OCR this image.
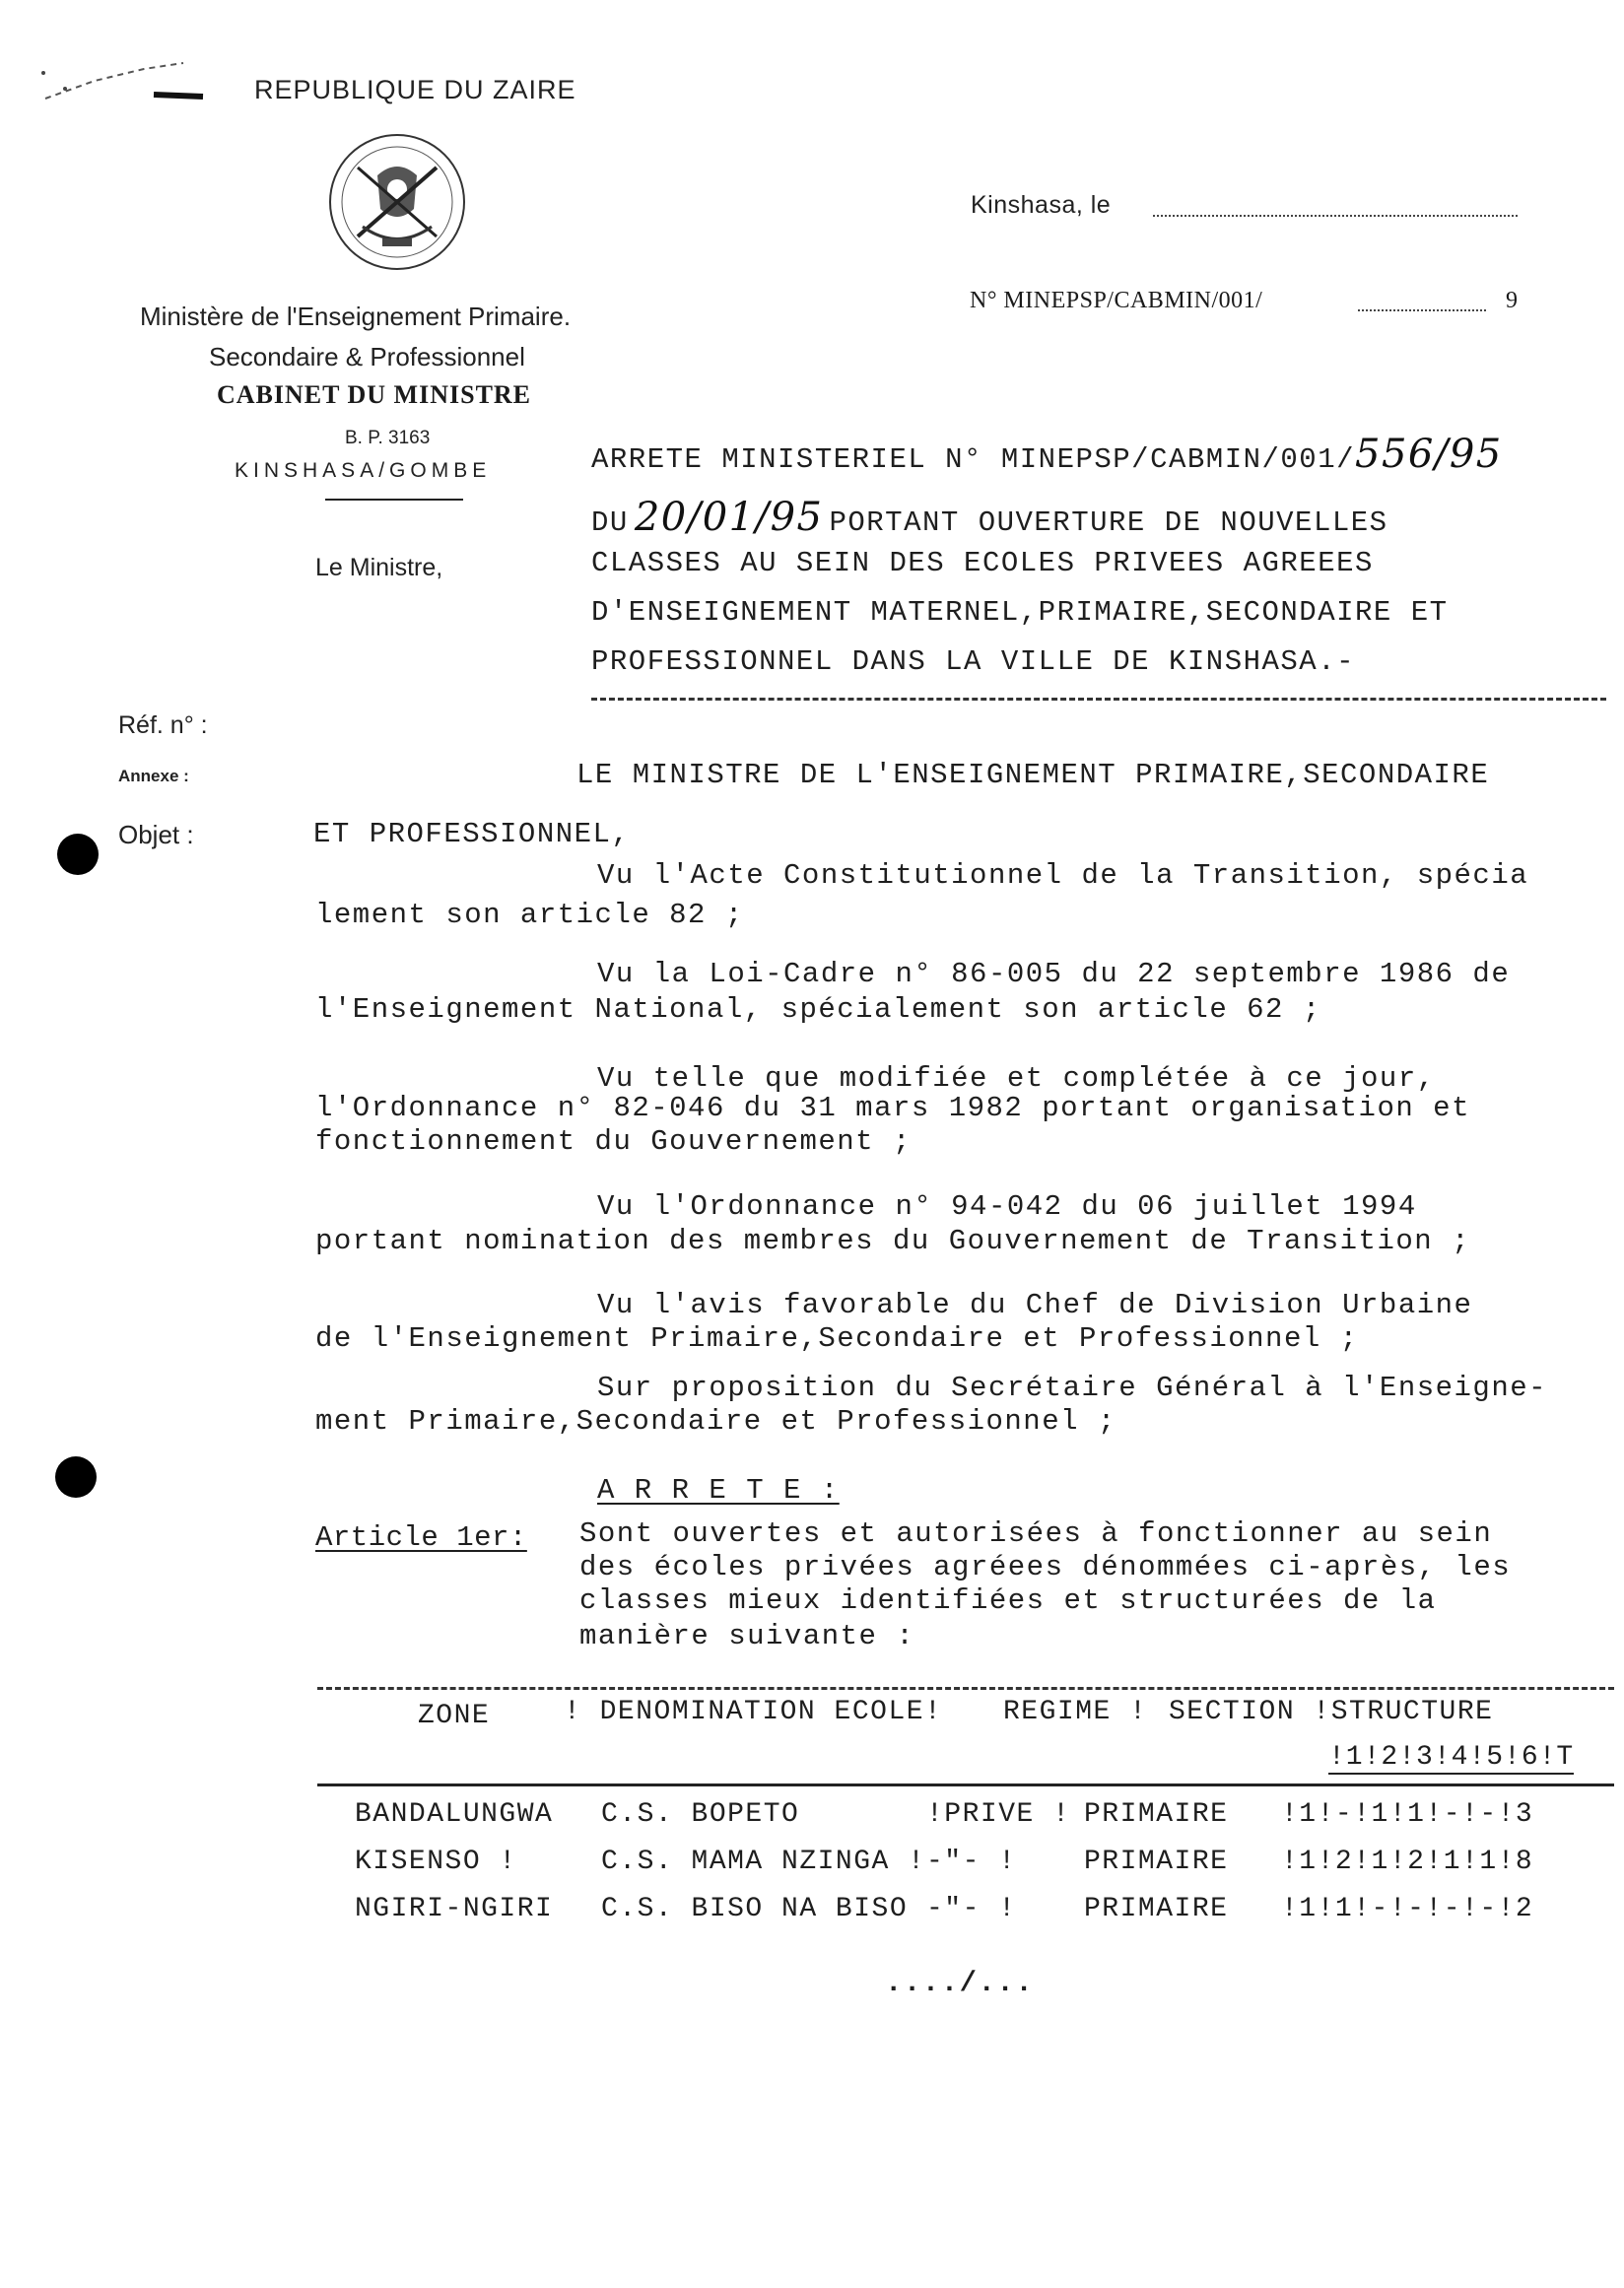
REPUBLIQUE DU ZAIRE
Ministère de l'Enseignement Primaire.
Secondaire & Professionnel
CABINET DU MINISTRE
B. P. 3163
KINSHASA/GOMBE
Le Ministre,
Kinshasa, le
N° MINEPSP/CABMIN/001/	9
Réf. n° :
Annexe :
Objet :
ARRETE MINISTERIEL N° MINEPSP/CABMIN/001/556/95
DU 20/01/95 PORTANT OUVERTURE DE NOUVELLES
CLASSES AU SEIN DES ECOLES PRIVEES AGREEES
D'ENSEIGNEMENT MATERNEL,PRIMAIRE,SECONDAIRE ET
PROFESSIONNEL DANS LA VILLE DE KINSHASA.-
LE MINISTRE DE L'ENSEIGNEMENT PRIMAIRE,SECONDAIRE
ET PROFESSIONNEL,
Vu l'Acte Constitutionnel de la Transition, spécia
lement son article 82 ;
Vu la Loi-Cadre n° 86-005 du 22 septembre 1986 de
l'Enseignement National, spécialement son article 62 ;
Vu telle que modifiée et complétée à ce jour,
l'Ordonnance n° 82-046 du 31 mars 1982 portant organisation et
fonctionnement du Gouvernement ;
Vu l'Ordonnance n° 94-042 du 06 juillet 1994
portant nomination des membres du Gouvernement de Transition ;
Vu l'avis favorable du Chef de Division Urbaine
de l'Enseignement Primaire,Secondaire et Professionnel ;
Sur proposition du Secrétaire Général à l'Enseigne-
ment Primaire,Secondaire et Professionnel ;
A R R E T E :
Article 1er: Sont ouvertes et autorisées à fonctionner au sein
des écoles privées agréees dénommées ci-après, les
classes mieux identifiées et structurées de la
manière suivante :
ZONE	! DENOMINATION ECOLE! REGIME ! SECTION !STRUCTURE
!1!2!3!4!5!6!T
BANDALUNGWA C.S. BOPETO	!PRIVE ! PRIMAIRE !1!-!1!1!-!-!3
KISENSO !	C.S. MAMA NZINGA !-"- ! PRIMAIRE !1!2!1!2!1!1!8
NGIRI-NGIRI C.S. BISO NA BISO -"- ! PRIMAIRE !1!1!-!-!-!-!2
..../...
